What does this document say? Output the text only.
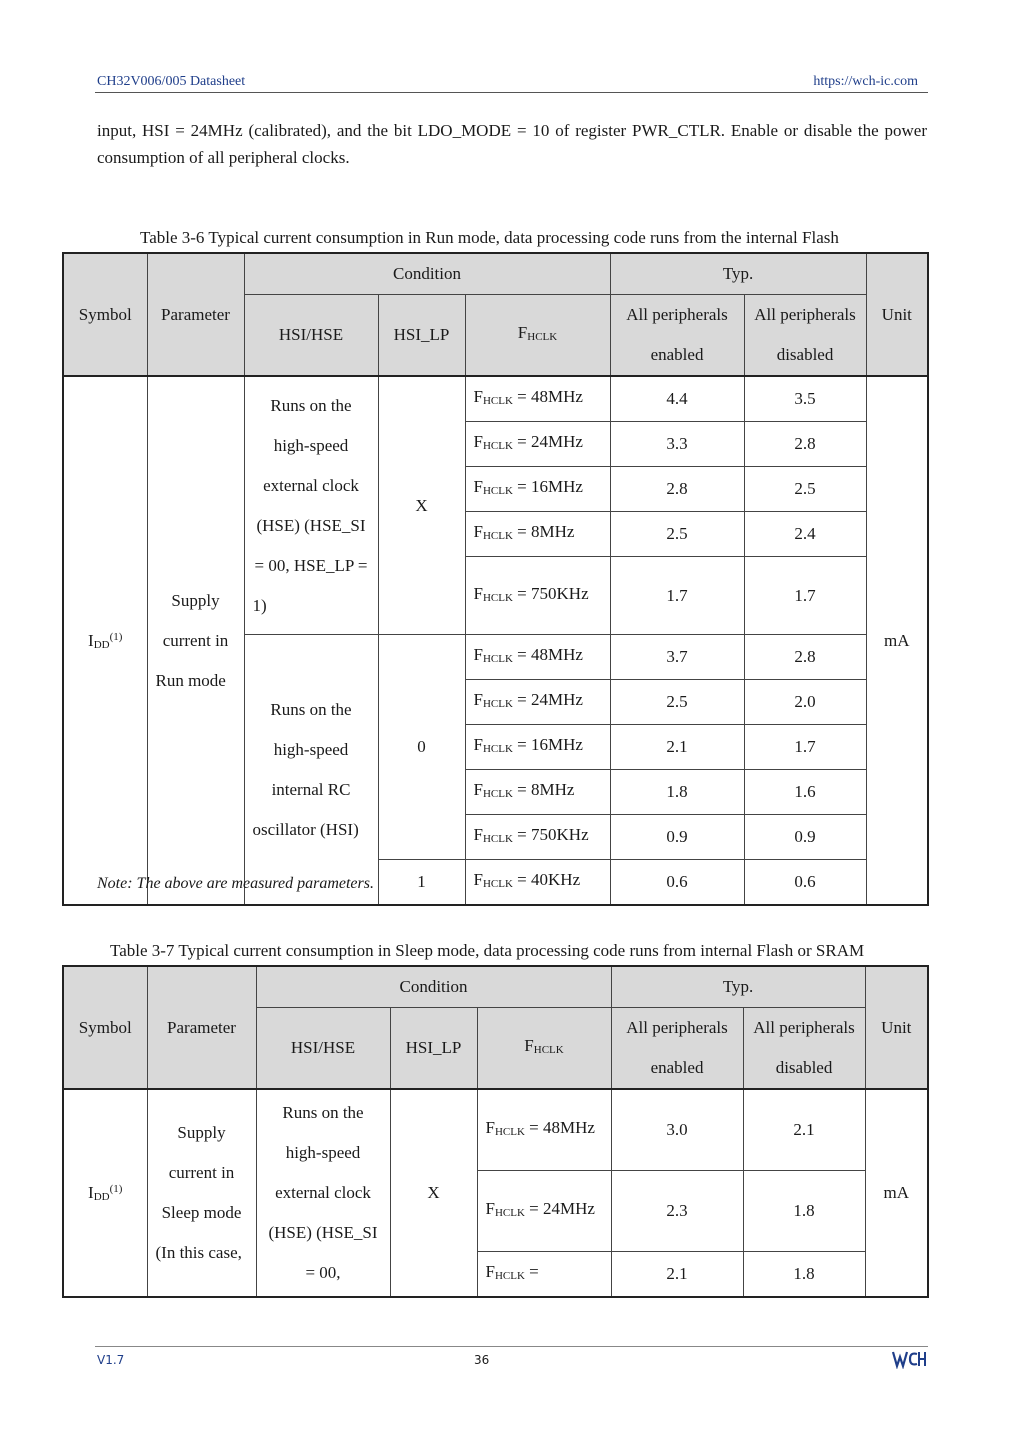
CH32V006/005 Datasheet	https://wch-ic.com
input, HSI = 24MHz (calibrated), and the bit LDO_MODE = 10 of register PWR_CTLR. Enable or disable the power consumption of all peripheral clocks.
Table 3-6 Typical current consumption in Run mode, data processing code runs from the internal Flash
Symbol	Parameter	Condition			Typ.		Unit
		HSI/HSE	HSI_LP	$F_{HCLK}$	All peripherals enabled	All peripherals disabled	
$I_{DD}^{(1)}$	Supply current in Run mode	Runs on the high-speed external clock (HSE) (HSE_SI = 00, HSE_LP = 1)	X	$F_{HCLK} = 48MHz$	4.4	3.5	mA
				$F_{HCLK} = 24MHz$	3.3	2.8	
				$F_{HCLK} = 16MHz$	2.8	2.5	
				$F_{HCLK} = 8MHz$	2.5	2.4	
				$F_{HCLK} = 750KHz$	1.7	1.7	
		Runs on the high-speed internal RC oscillator (HSI)	0	$F_{HCLK} = 48MHz$	3.7	2.8	
				$F_{HCLK} = 24MHz$	2.5	2.0	
				$F_{HCLK} = 16MHz$	2.1	1.7	
				$F_{HCLK} = 8MHz$	1.8	1.6	
				$F_{HCLK} = 750KHz$	0.9	0.9	
			1	$F_{HCLK} = 40KHz$	0.6	0.6	
Note: The above are measured parameters.
Table 3-7 Typical current consumption in Sleep mode, data processing code runs from internal Flash or SRAM
Symbol	Parameter	Condition			Typ.		Unit
		HSI/HSE	HSI_LP	$F_{HCLK}$	All peripherals enabled	All peripherals disabled	
$I_{DD}^{(1)}$	Supply current in Sleep mode (In this case,	Runs on the high-speed external clock (HSE) (HSE_SI = 00,	X	$F_{HCLK} = 48MHz$	3.0	2.1	mA
				$F_{HCLK} = 24MHz$	2.3	1.8	
				$F_{HCLK}$ =	2.1	1.8	
V1.7	36
